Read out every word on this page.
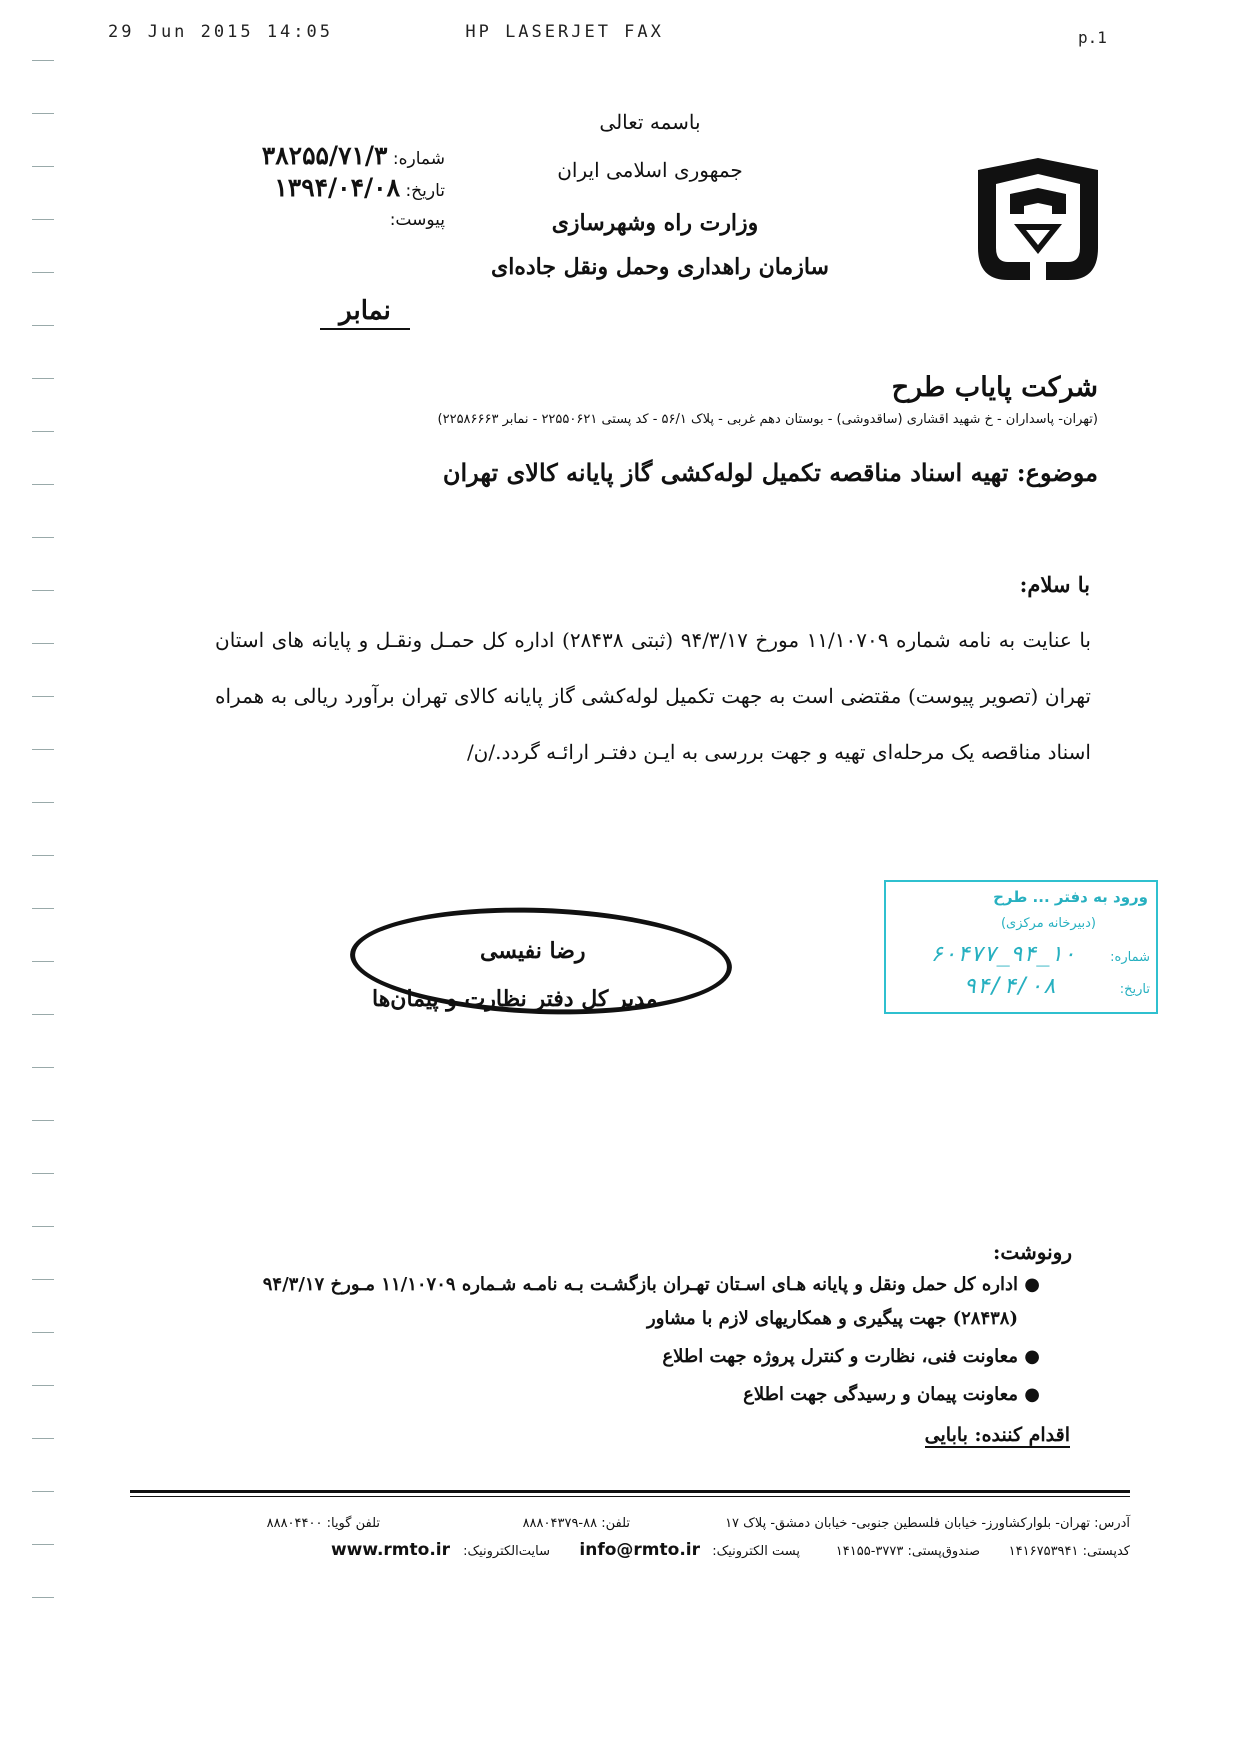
29 Jun 2015 14:05	HP LASERJET FAX	p.1
باسمه تعالی
جمهوری اسلامی ایران
وزارت راه وشهرسازی
سازمان راهداری وحمل ونقل جاده‌ای
شماره: ۳۸۲۵۵/۷۱/۳
تاریخ: ۱۳۹۴/۰۴/۰۸
پیوست:
نمابر
شرکت پایاب طرح
(تهران- پاسداران - خ شهید اقشاری (ساقدوشی) - بوستان دهم غربی - پلاک ۵۶/۱ - کد پستی ۲۲۵۵۰۶۲۱ - نمابر ۲۲۵۸۶۶۶۳)
موضوع: تهیه اسناد مناقصه تکمیل لوله‌کشی گاز پایانه کالای تهران
با سلام:
با عنایت به نامه شماره ۱۱/۱۰۷۰۹ مورخ ۹۴/۳/۱۷ (ثبتی ۲۸۴۳۸) اداره کل حمـل ونقـل و پایانه های استان تهران (تصویر پیوست) مقتضی است به جهت تکمیل لوله‌کشی گاز پایانه کالای تهران برآورد ریالی به همراه اسناد مناقصه یک مرحله‌ای تهیه و جهت بررسی به ایـن دفتـر ارائـه گردد./ن/
ورود به دفتر ... طرح
(دبیرخانه مرکزی)
شماره:
۱۰_۹۴_۶۰۴۷۷
تاریخ:
۹۴/۴/۰۸
رضا نفیسی
مدیر کل دفتر نظارت و پیمان‌ها
رونوشت:
●
اداره کل حمل ونقل و پایانه هـای اسـتان تهـران بازگشـت بـه نامـه شـماره ۱۱/۱۰۷۰۹ مـورخ ۹۴/۳/۱۷ (۲۸۴۳۸) جهت پیگیری و همکاریهای لازم با مشاور
●
معاونت فنی، نظارت و کنترل پروژه جهت اطلاع
●
معاونت پیمان و رسیدگی جهت اطلاع
اقدام کننده: بابایی
آدرس: تهران- بلوارکشاورز- خیابان فلسطین جنوبی- خیابان دمشق- پلاک ۱۷
تلفن: ۸۸-۸۸۸۰۴۳۷۹
تلفن گویا: ۸۸۸۰۴۴۰۰
کدپستی: ۱۴۱۶۷۵۳۹۴۱
صندوق‌پستی: ۳۷۷۳-۱۴۱۵۵
پست الکترونیک:
info@rmto.ir
سایت‌الکترونیک:
www.rmto.ir
